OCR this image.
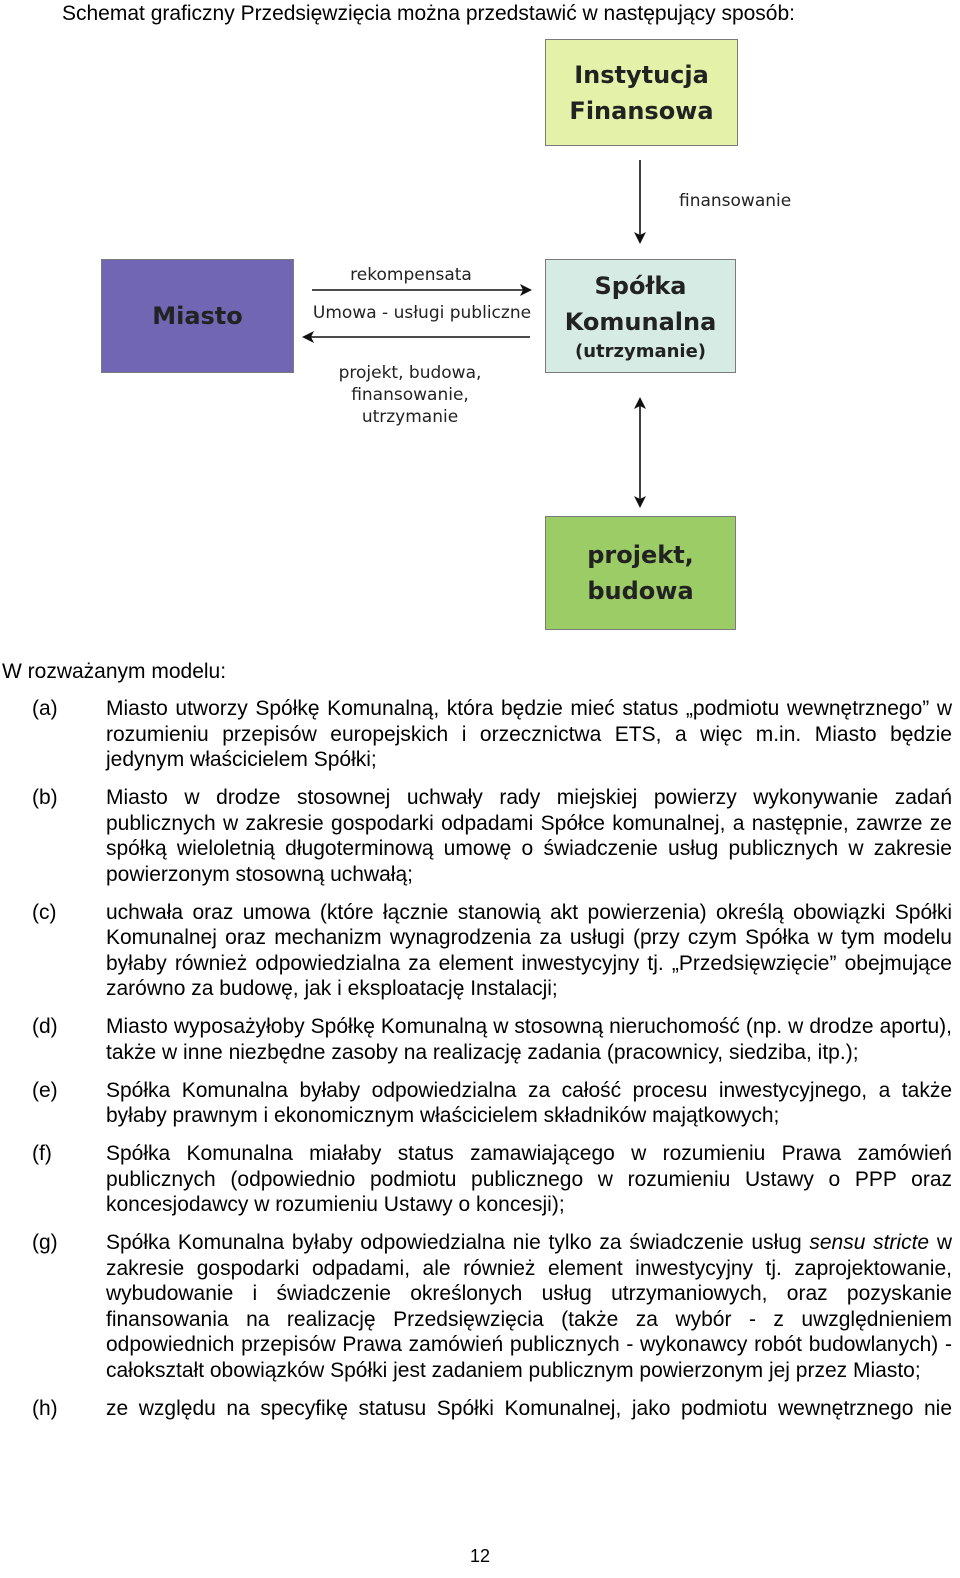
Schemat graficzny Przedsięwzięcia można przedstawić w następujący sposób:
Instytucja
Finansowa
Miasto
Spółka
Komunalna
(utrzymanie)
projekt,
budowa
finansowanie
rekompensata
Umowa - usługi publiczne
projekt, budowa,
finansowanie,
utrzymanie
W rozważanym modelu:
(a) Miasto utworzy Spółkę Komunalną, która będzie mieć status „podmiotu wewnętrznego” w rozumieniu przepisów europejskich i orzecznictwa ETS, a więc m.in. Miasto będzie jedynym właścicielem Spółki;
(b) Miasto w drodze stosownej uchwały rady miejskiej powierzy wykonywanie zadań publicznych w zakresie gospodarki odpadami Spółce komunalnej, a następnie, zawrze ze spółką wieloletnią długoterminową umowę o świadczenie usług publicznych w zakresie powierzonym stosowną uchwałą;
(c) uchwała oraz umowa (które łącznie stanowią akt powierzenia) określą obowiązki Spółki Komunalnej oraz mechanizm wynagrodzenia za usługi (przy czym Spółka w tym modelu byłaby również odpowiedzialna za element inwestycyjny tj. „Przedsięwzięcie” obejmujące zarówno za budowę, jak i eksploatację Instalacji;
(d) Miasto wyposażyłoby Spółkę Komunalną w stosowną nieruchomość (np. w drodze aportu), także w inne niezbędne zasoby na realizację zadania (pracownicy, siedziba, itp.);
(e) Spółka Komunalna byłaby odpowiedzialna za całość procesu inwestycyjnego, a także byłaby prawnym i ekonomicznym właścicielem składników majątkowych;
(f)	Spółka Komunalna miałaby status zamawiającego w rozumieniu Prawa zamówień publicznych (odpowiednio podmiotu publicznego w rozumieniu Ustawy o PPP oraz koncesjodawcy w rozumieniu Ustawy o koncesji);
(g) Spółka Komunalna byłaby odpowiedzialna nie tylko za świadczenie usług sensu stricte w zakresie gospodarki odpadami, ale również element inwestycyjny tj. zaprojektowanie, wybudowanie i świadczenie określonych usług utrzymaniowych, oraz pozyskanie finansowania na realizację Przedsięwzięcia (także za wybór - z uwzględnieniem odpowiednich przepisów Prawa zamówień publicznych - wykonawcy robót budowlanych) - całokształt obowiązków Spółki jest zadaniem publicznym powierzonym jej przez Miasto;
(h) ze względu na specyfikę statusu Spółki Komunalnej, jako podmiotu wewnętrznego nie
12
